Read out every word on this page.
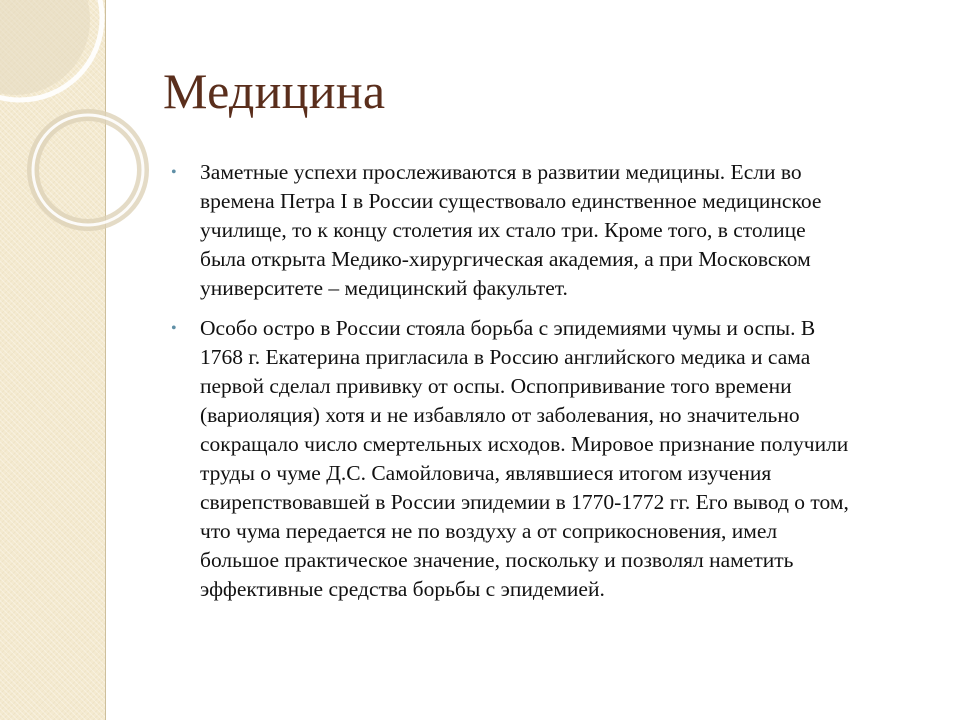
Медицина
• Заметные успехи прослеживаются в развитии медицины. Если во
времена Петра I в России существовало единственное медицинское
училище, то к концу столетия их стало три. Кроме того, в столице
была открыта Медико-хирургическая академия, а при Московском
университете – медицинский факультет.
• Особо остро в России стояла борьба с эпидемиями чумы и оспы. В
1768 г. Екатерина пригласила в Россию английского медика и сама
первой сделал прививку от оспы. Оспопрививание того времени
(вариоляция) хотя и не избавляло от заболевания, но значительно
сокращало число смертельных исходов. Мировое признание получили
труды о чуме Д.С. Самойловича, являвшиеся итогом изучения
свирепствовавшей в России эпидемии в 1770-1772 гг. Его вывод о том,
что чума передается не по воздуху а от соприкосновения, имел
большое практическое значение, поскольку и позволял наметить
эффективные средства борьбы с эпидемией.
